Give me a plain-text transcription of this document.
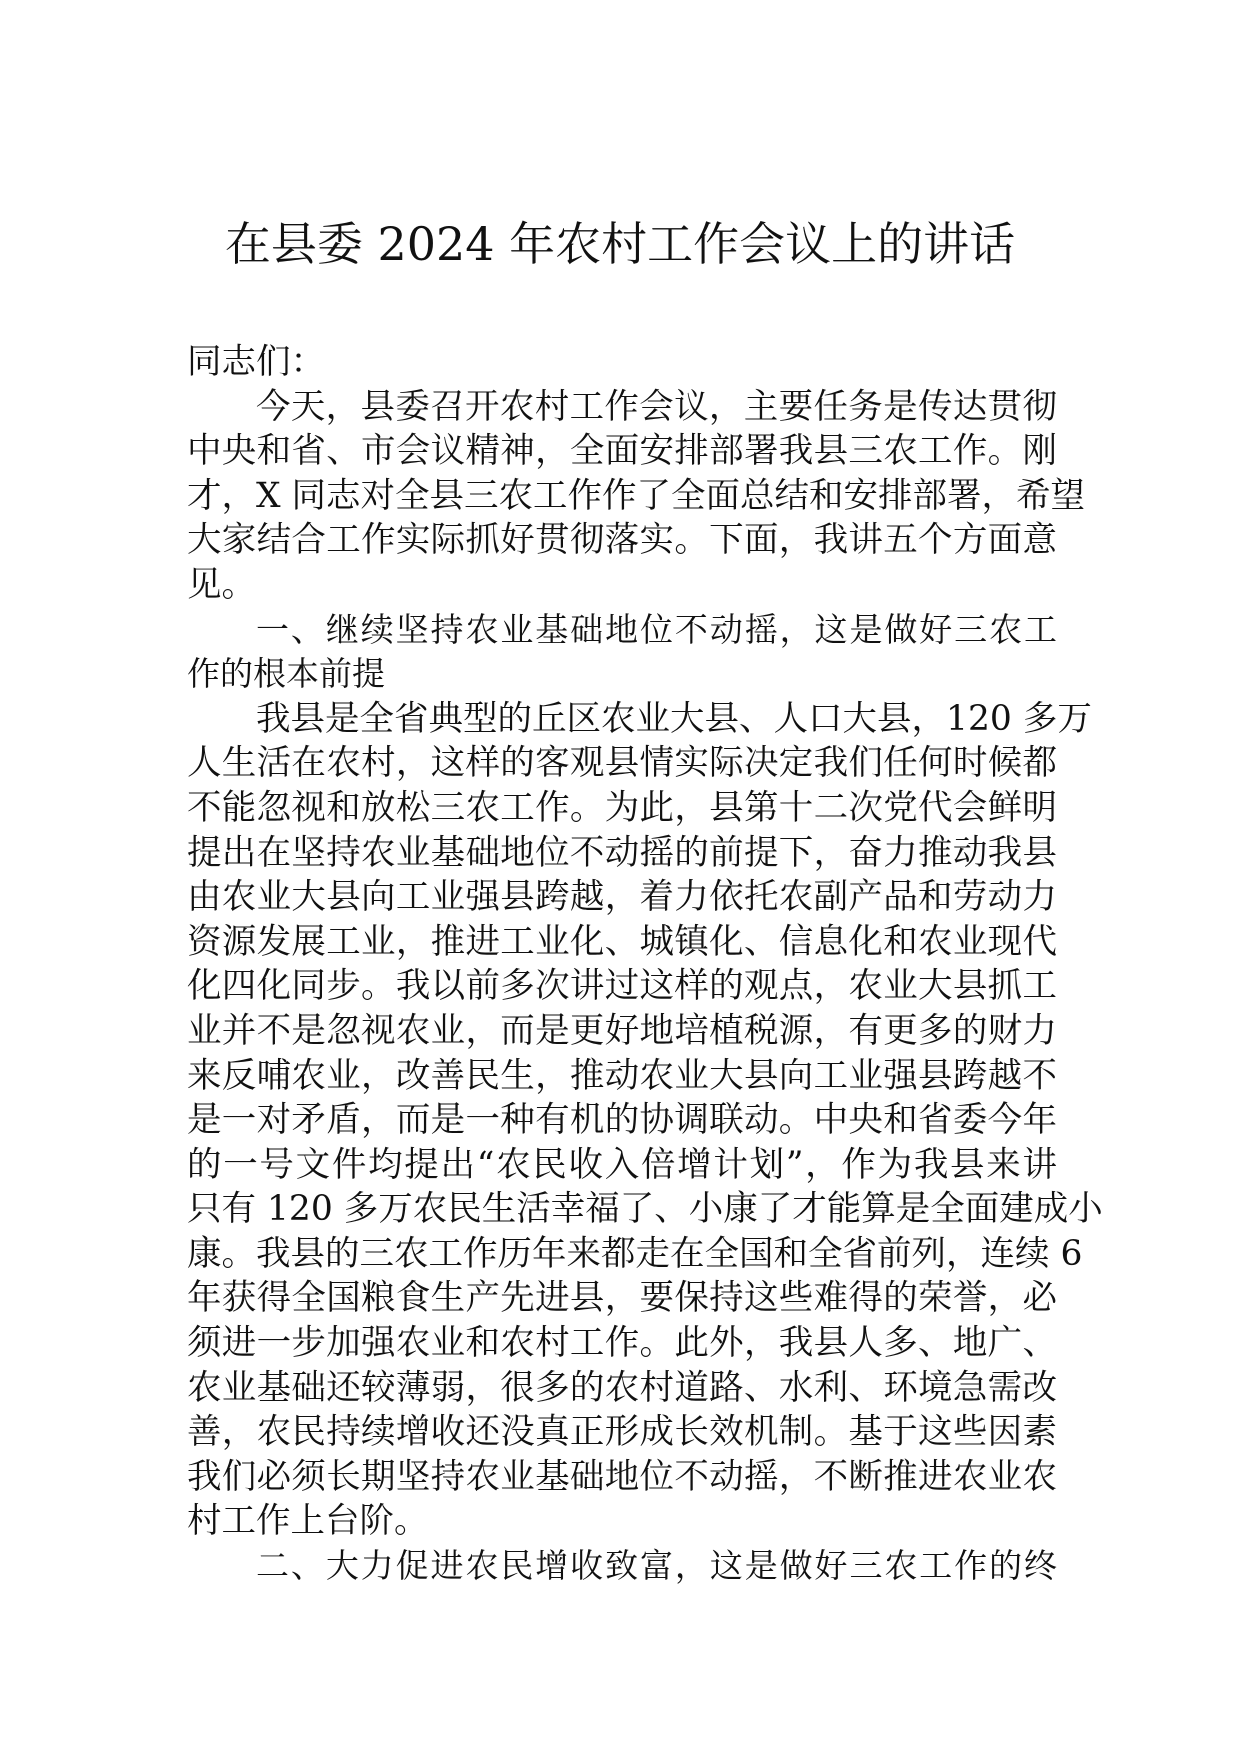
在县委 2024 年农村工作会议上的讲话
同志们：
今天，县委召开农村工作会议，主要任务是传达贯彻
中央和省、市会议精神，全面安排部署我县三农工作。刚
才，X 同志对全县三农工作作了全面总结和安排部署，希望
大家结合工作实际抓好贯彻落实。下面，我讲五个方面意
见。
一、继续坚持农业基础地位不动摇，这是做好三农工
作的根本前提
我县是全省典型的丘区农业大县、人口大县，120 多万
人生活在农村，这样的客观县情实际决定我们任何时候都
不能忽视和放松三农工作。为此，县第十二次党代会鲜明
提出在坚持农业基础地位不动摇的前提下，奋力推动我县
由农业大县向工业强县跨越，着力依托农副产品和劳动力
资源发展工业，推进工业化、城镇化、信息化和农业现代
化四化同步。我以前多次讲过这样的观点，农业大县抓工
业并不是忽视农业，而是更好地培植税源，有更多的财力
来反哺农业，改善民生，推动农业大县向工业强县跨越不
是一对矛盾，而是一种有机的协调联动。中央和省委今年
的一号文件均提出“农民收入倍增计划”，作为我县来讲
只有 120 多万农民生活幸福了、小康了才能算是全面建成小
康。我县的三农工作历年来都走在全国和全省前列，连续 6
年获得全国粮食生产先进县，要保持这些难得的荣誉，必
须进一步加强农业和农村工作。此外，我县人多、地广、
农业基础还较薄弱，很多的农村道路、水利、环境急需改
善，农民持续增收还没真正形成长效机制。基于这些因素
我们必须长期坚持农业基础地位不动摇，不断推进农业农
村工作上台阶。
二、大力促进农民增收致富，这是做好三农工作的终
